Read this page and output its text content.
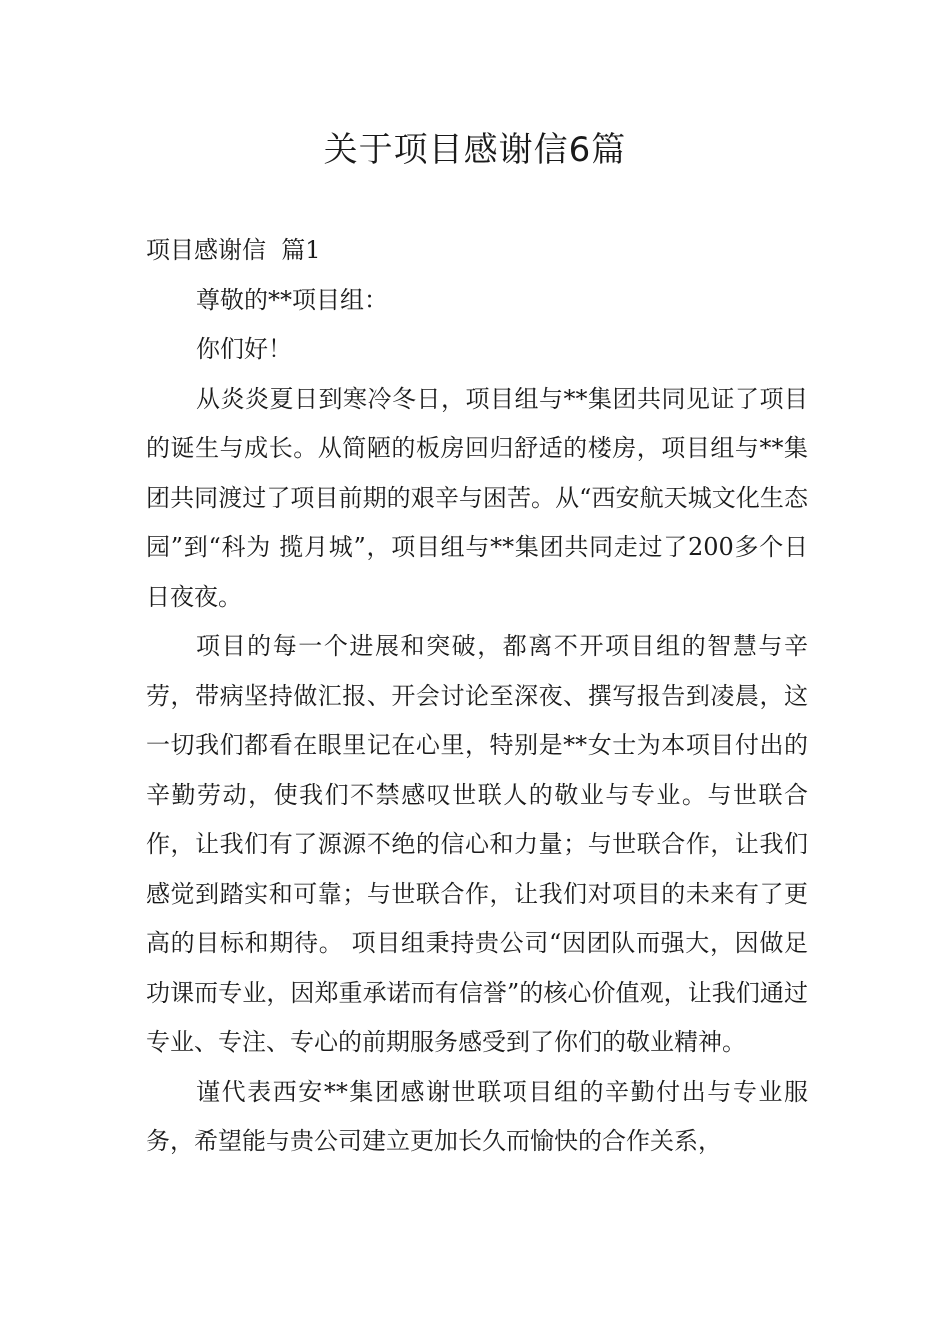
关于项目感谢信6篇

项目感谢信  篇1

尊敬的**项目组：

你们好！

从炎炎夏日到寒冷冬日，项目组与**集团共同见证了项目的诞生与成长。从简陋的板房回归舒适的楼房，项目组与**集团共同渡过了项目前期的艰辛与困苦。从“西安航天城文化生态园”到“科为 揽月城”，项目组与**集团共同走过了200多个日日夜夜。

项目的每一个进展和突破，都离不开项目组的智慧与辛劳，带病坚持做汇报、开会讨论至深夜、撰写报告到凌晨，这一切我们都看在眼里记在心里，特别是**女士为本项目付出的辛勤劳动，使我们不禁感叹世联人的敬业与专业。与世联合作，让我们有了源源不绝的信心和力量；与世联合作，让我们感觉到踏实和可靠；与世联合作，让我们对项目的未来有了更高的目标和期待。 项目组秉持贵公司“因团队而强大，因做足功课而专业，因郑重承诺而有信誉”的核心价值观，让我们通过专业、专注、专心的前期服务感受到了你们的敬业精神。

谨代表西安**集团感谢世联项目组的辛勤付出与专业服务，希望能与贵公司建立更加长久而愉快的合作关系，
